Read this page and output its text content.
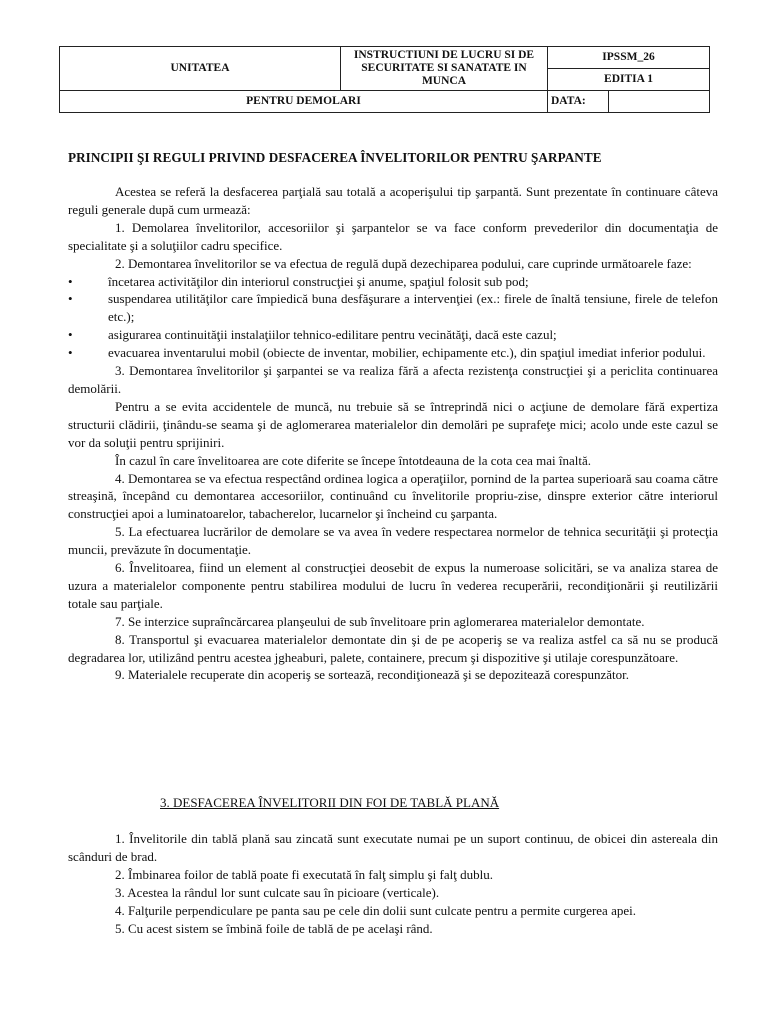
UNITATEA	INSTRUCTIUNI DE LUCRU SI DE SECURITATE SI SANATATE IN MUNCA	IPSSM_26	
		EDITIA 1	
PENTRU DEMOLARI		DATA:	
PRINCIPII ŞI REGULI PRIVIND DESFACEREA ÎNVELITORILOR PENTRU ŞARPANTE

Acestea se referă la desfacerea parţială sau totală a acoperişului tip şarpantă. Sunt prezentate în continuare câteva reguli generale după cum urmează:

1. Demolarea învelitorilor, accesoriilor şi şarpantelor se va face conform prevederilor din documentaţia de specialitate şi a soluţiilor cadru specifice.

2. Demontarea învelitorilor se va efectua de regulă după dezechiparea podului, care cuprinde următoarele faze:

•	încetarea activităţilor din interiorul construcţiei şi anume, spaţiul folosit sub pod;

•	suspendarea utilităţilor care împiedică buna desfăşurare a intervenţiei (ex.: firele de înaltă tensiune, firele de telefon etc.);

•	asigurarea continuităţii instalaţiilor tehnico-edilitare pentru vecinătăţi, dacă este cazul;

•	evacuarea inventarului mobil (obiecte de inventar, mobilier, echipamente etc.), din spaţiul imediat inferior podului.

3. Demontarea învelitorilor şi şarpantei se va realiza fără a afecta rezistenţa construcţiei şi a periclita continuarea demolării.

Pentru a se evita accidentele de muncă, nu trebuie să se întreprindă nici o acţiune de demolare fără expertiza structurii clădirii, ţinându-se seama şi de aglomerarea materialelor din demolări pe suprafeţe mici; acolo unde este cazul se vor da soluţii pentru sprijiniri.

În cazul în care învelitoarea are cote diferite se începe întotdeauna de la cota cea mai înaltă.

4. Demontarea se va efectua respectând ordinea logica a operaţiilor, pornind de la partea superioară sau coama către streaşină, începând cu demontarea accesoriilor, continuând cu învelitorile propriu-zise, dinspre exterior către interiorul construcţiei apoi a luminatoarelor, tabacherelor, lucarnelor şi încheind cu şarpanta.

5. La efectuarea lucrărilor de demolare se va avea în vedere respectarea normelor de tehnica securităţii şi protecţia muncii, prevăzute în documentaţie.

6. Învelitoarea, fiind un element al construcţiei deosebit de expus la numeroase solicitări, se va analiza starea de uzura a materialelor componente pentru stabilirea modului de lucru în vederea recuperării, recondiţionării şi reutilizării totale sau parţiale.

7. Se interzice supraîncărcarea planşeului de sub învelitoare prin aglomerarea materialelor demontate.

8. Transportul şi evacuarea materialelor demontate din şi de pe acoperiş se va realiza astfel ca să nu se producă degradarea lor, utilizând pentru acestea jgheaburi, palete, containere, precum şi dispozitive şi utilaje corespunzătoare.

9. Materialele recuperate din acoperiş se sortează, recondiţionează şi se depozitează corespunzător.

3. DESFACEREA ÎNVELITORII DIN FOI DE TABLĂ PLANĂ

1. Învelitorile din tablă plană sau zincată sunt executate numai pe un suport continuu, de obicei din astereala din scânduri de brad.

2. Îmbinarea foilor de tablă poate fi executată în falţ simplu şi falţ dublu.

3. Acestea la rândul lor sunt culcate sau în picioare (verticale).

4. Falţurile perpendiculare pe panta sau pe cele din dolii sunt culcate pentru a permite curgerea apei.

5. Cu acest sistem se îmbină foile de tablă de pe acelaşi rând.
